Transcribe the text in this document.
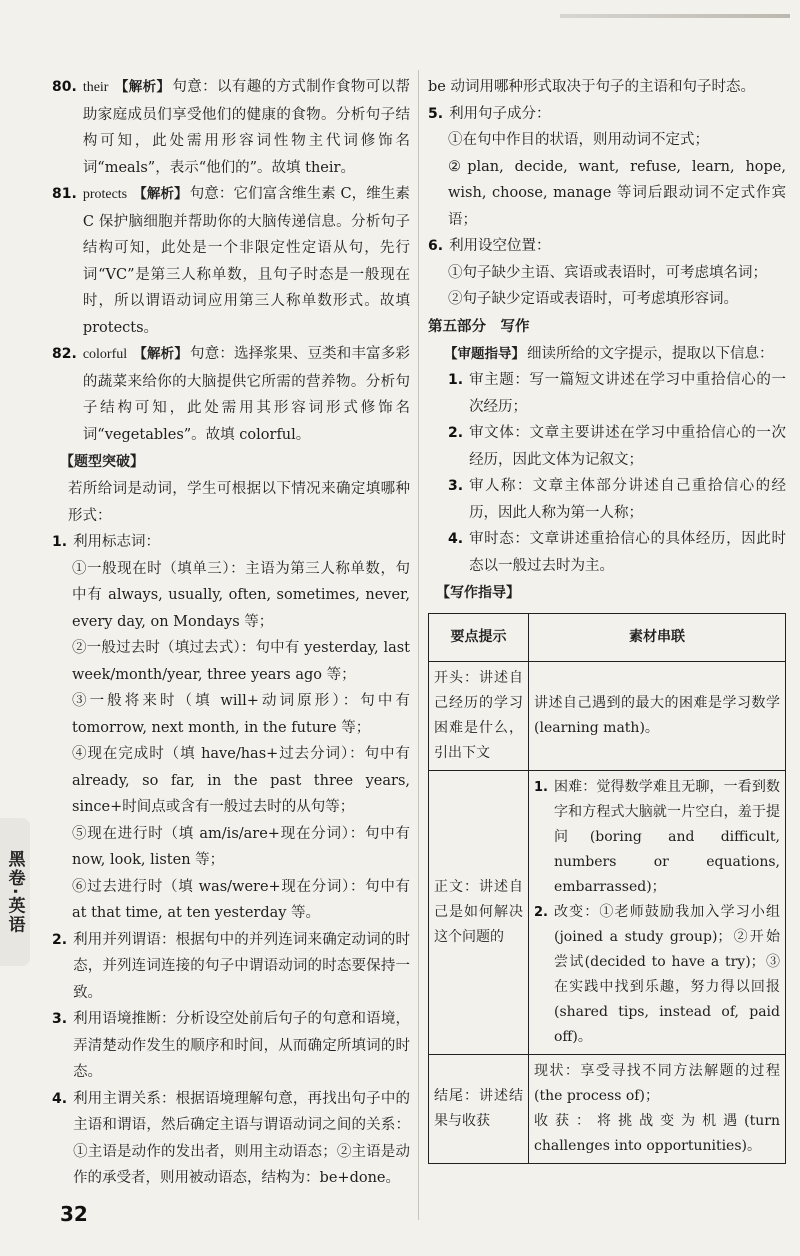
80. their 【解析】 句意：以有趣的方式制作食物可以帮助家庭成员们享受他们的健康的食物。分析句子结构可知，此处需用形容词性物主代词修饰名词“meals”，表示“他们的”。故填 their。
81. protects 【解析】 句意：它们富含维生素 C，维生素 C 保护脑细胞并帮助你的大脑传递信息。分析句子结构可知，此处是一个非限定性定语从句，先行词“VC”是第三人称单数，且句子时态是一般现在时，所以谓语动词应用第三人称单数形式。故填 protects。
82. colorful 【解析】 句意：选择浆果、豆类和丰富多彩的蔬菜来给你的大脑提供它所需的营养物。分析句子结构可知，此处需用其形容词形式修饰名词“vegetables”。故填 colorful。
【题型突破】
若所给词是动词，学生可根据以下情况来确定填哪种形式：
1. 利用标志词：
①一般现在时（填单三）：主语为第三人称单数，句中有 always, usually, often, sometimes, never, every day, on Mondays 等；
②一般过去时（填过去式）：句中有 yesterday, last week/month/year, three years ago 等；
③一般将来时（填 will+动词原形）：句中有 tomorrow, next month, in the future 等；
④现在完成时（填 have/has+过去分词）：句中有 already, so far, in the past three years, since+时间点或含有一般过去时的从句等；
⑤现在进行时（填 am/is/are+现在分词）：句中有 now, look, listen 等；
⑥过去进行时（填 was/were+现在分词）：句中有 at that time, at ten yesterday 等。
2. 利用并列谓语：根据句中的并列连词来确定动词的时态，并列连词连接的句子中谓语动词的时态要保持一致。
3. 利用语境推断：分析设空处前后句子的句意和语境，弄清楚动作发生的顺序和时间，从而确定所填词的时态。
4. 利用主谓关系：根据语境理解句意，再找出句子中的主语和谓语，然后确定主语与谓语动词之间的关系：①主语是动作的发出者，则用主动语态；②主语是动作的承受者，则用被动语态，结构为：be+done。
be 动词用哪种形式取决于句子的主语和句子时态。
5. 利用句子成分：
①在句中作目的状语，则用动词不定式；
②plan, decide, want, refuse, learn, hope, wish, choose, manage 等词后跟动词不定式作宾语；
6. 利用设空位置：
①句子缺少主语、宾语或表语时，可考虑填名词；
②句子缺少定语或表语时，可考虑填形容词。
第五部分　写作
【审题指导】 细读所给的文字提示，提取以下信息：
1. 审主题：写一篇短文讲述在学习中重拾信心的一次经历；
2. 审文体：文章主要讲述在学习中重拾信心的一次经历，因此文体为记叙文；
3. 审人称：文章主体部分讲述自己重拾信心的经历，因此人称为第一人称；
4. 审时态：文章讲述重拾信心的具体经历，因此时态以一般过去时为主。
【写作指导】
要点提示	素材串联
开头：讲述自己经历的学习困难是什么，引出下文	讲述自己遇到的最大的困难是学习数学(learning math)。
正文：讲述自己是如何解决这个问题的	1. 困难：觉得数学难且无聊，一看到数字和方程式大脑就一片空白，羞于提问(boring and difficult, numbers or equations, embarrassed)；
2. 改变：①老师鼓励我加入学习小组(joined a study group)；②开始尝试(decided to have a try)；③在实践中找到乐趣，努力得以回报(shared tips, instead of, paid off)。

结尾：讲述结果与收获	现状：享受寻找不同方法解题的过程(the process of)；
收获：将挑战变为机遇(turn challenges into opportunities)。
黑卷·英语
32
